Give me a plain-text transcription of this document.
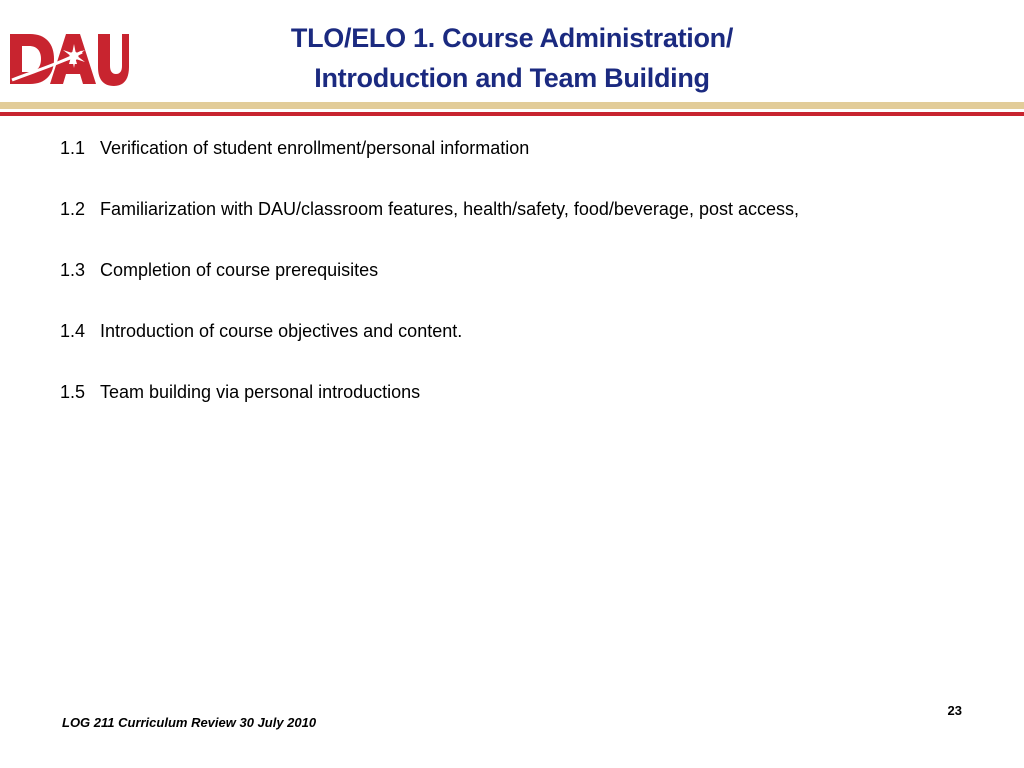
TLO/ELO 1. Course Administration/
Introduction and Team Building
1.1 Verification of student enrollment/personal information
1.2 Familiarization with DAU/classroom features, health/safety, food/beverage, post access,
1.3 Completion of course prerequisites
1.4 Introduction of course objectives and content.
1.5 Team building via personal introductions
LOG 211 Curriculum Review 30 July 2010
23
